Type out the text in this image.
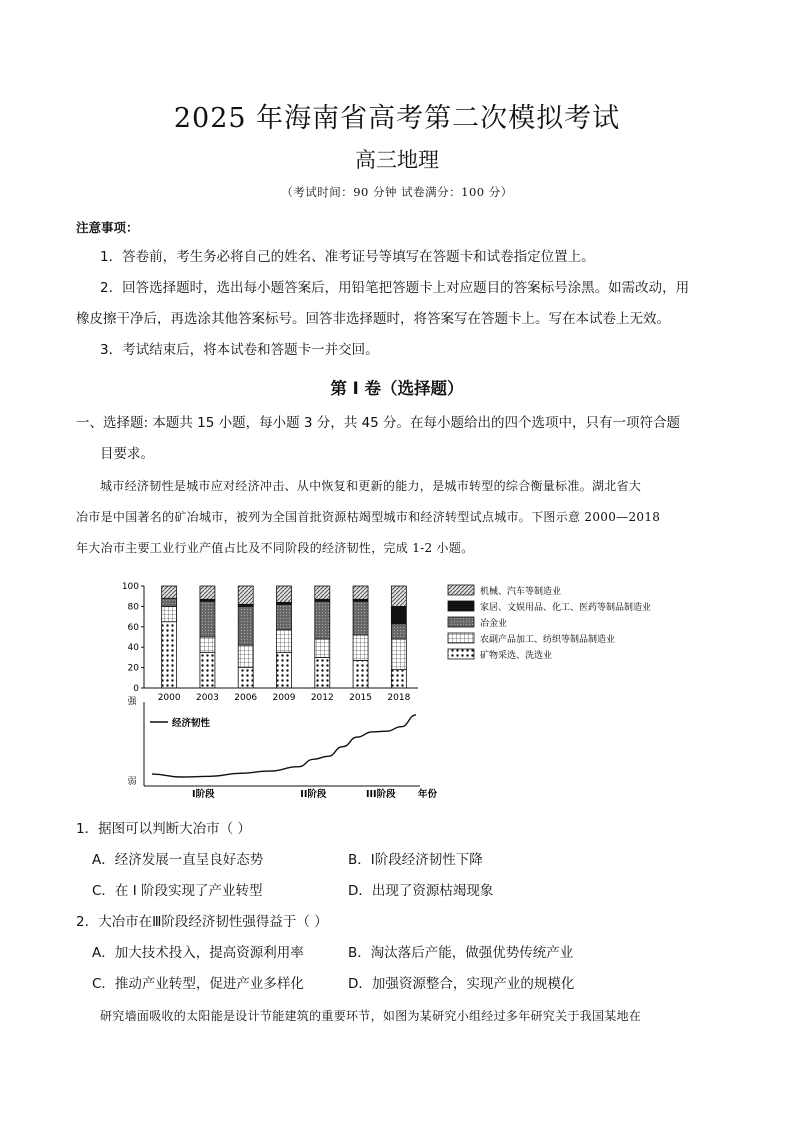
2025 年海南省高考第二次模拟考试
高三地理
（考试时间：90 分钟 试卷满分：100 分）
注意事项：
1．答卷前，考生务必将自己的姓名、准考证号等填写在答题卡和试卷指定位置上。
2．回答选择题时，选出每小题答案后，用铅笔把答题卡上对应题目的答案标号涂黑。如需改动，用
橡皮擦干净后，再选涂其他答案标号。回答非选择题时，将答案写在答题卡上。写在本试卷上无效。
3．考试结束后，将本试卷和答题卡一并交回。
第 I 卷（选择题）
一、选择题: 本题共 15 小题，每小题 3 分，共 45 分。在每小题给出的四个选项中，只有一项符合题
目要求。
城市经济韧性是城市应对经济冲击、从中恢复和更新的能力，是城市转型的综合衡量标准。湖北省大
冶市是中国著名的矿冶城市，被列为全国首批资源枯竭型城市和经济转型试点城市。下图示意 2000—2018
年大冶市主要工业行业产值占比及不同阶段的经济韧性，完成 1-2 小题。
2000 2003 2006 2009 2012 2015 2018
0
20
40
60
80
100	机械、汽车等制造业
家居、文娱用品、化工、医药等制品制造业
冶金业
农副产品加工、纺织等制品制造业
矿物采选、洗选业
强
弱
经济韧性
I阶段	II阶段	III阶段 年份
1．据图可以判断大冶市（ ）
A．经济发展一直呈良好态势	B．I阶段经济韧性下降
C．在 I 阶段实现了产业转型	D．出现了资源枯竭现象
2．大冶市在Ⅲ阶段经济韧性强得益于（ ）
A．加大技术投入，提高资源利用率	B．淘汰落后产能，做强优势传统产业
C．推动产业转型，促进产业多样化	D．加强资源整合，实现产业的规模化
研究墙面吸收的太阳能是设计节能建筑的重要环节，如图为某研究小组经过多年研究关于我国某地在
